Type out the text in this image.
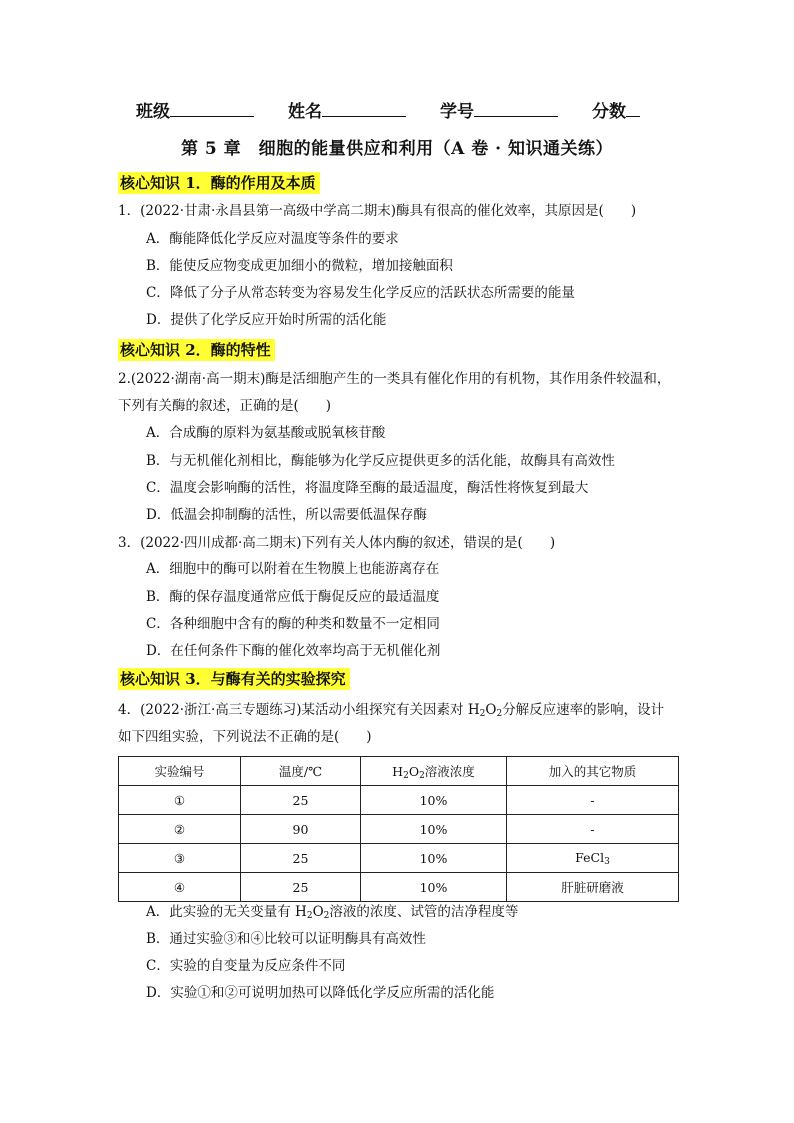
班级	姓名	学号	分数
第 5 章　细胞的能量供应和利用（A 卷 · 知识通关练）
核心知识 1．酶的作用及本质
1．(2022·甘肃·永昌县第一高级中学高二期末)酶具有很高的催化效率，其原因是(　　)
A．酶能降低化学反应对温度等条件的要求
B．能使反应物变成更加细小的微粒，增加接触面积
C．降低了分子从常态转变为容易发生化学反应的活跃状态所需要的能量
D．提供了化学反应开始时所需的活化能
核心知识 2．酶的特性
2.(2022·湖南·高一期末)酶是活细胞产生的一类具有催化作用的有机物，其作用条件较温和，
下列有关酶的叙述，正确的是(　　)
A．合成酶的原料为氨基酸或脱氧核苷酸
B．与无机催化剂相比，酶能够为化学反应提供更多的活化能，故酶具有高效性
C．温度会影响酶的活性，将温度降至酶的最适温度，酶活性将恢复到最大
D．低温会抑制酶的活性，所以需要低温保存酶
3．(2022·四川成都·高二期末)下列有关人体内酶的叙述，错误的是(　　)
A．细胞中的酶可以附着在生物膜上也能游离存在
B．酶的保存温度通常应低于酶促反应的最适温度
C．各种细胞中含有的酶的种类和数量不一定相同
D．在任何条件下酶的催化效率均高于无机催化剂
核心知识 3．与酶有关的实验探究
4．(2022·浙江·高三专题练习)某活动小组探究有关因素对 $H_2O_2$分解反应速率的影响，设计
如下四组实验，下列说法不正确的是(　　)
实验编号	温度/℃	$H_2O_2$溶液浓度	加入的其它物质
①	25	10%	-
②	90	10%	-
③	25	10%	FeCl$_3$
④	25	10%	肝脏研磨液
A．此实验的无关变量有 $H_2O_2$溶液的浓度、试管的洁净程度等
B．通过实验③和④比较可以证明酶具有高效性
C．实验的自变量为反应条件不同
D．实验①和②可说明加热可以降低化学反应所需的活化能
